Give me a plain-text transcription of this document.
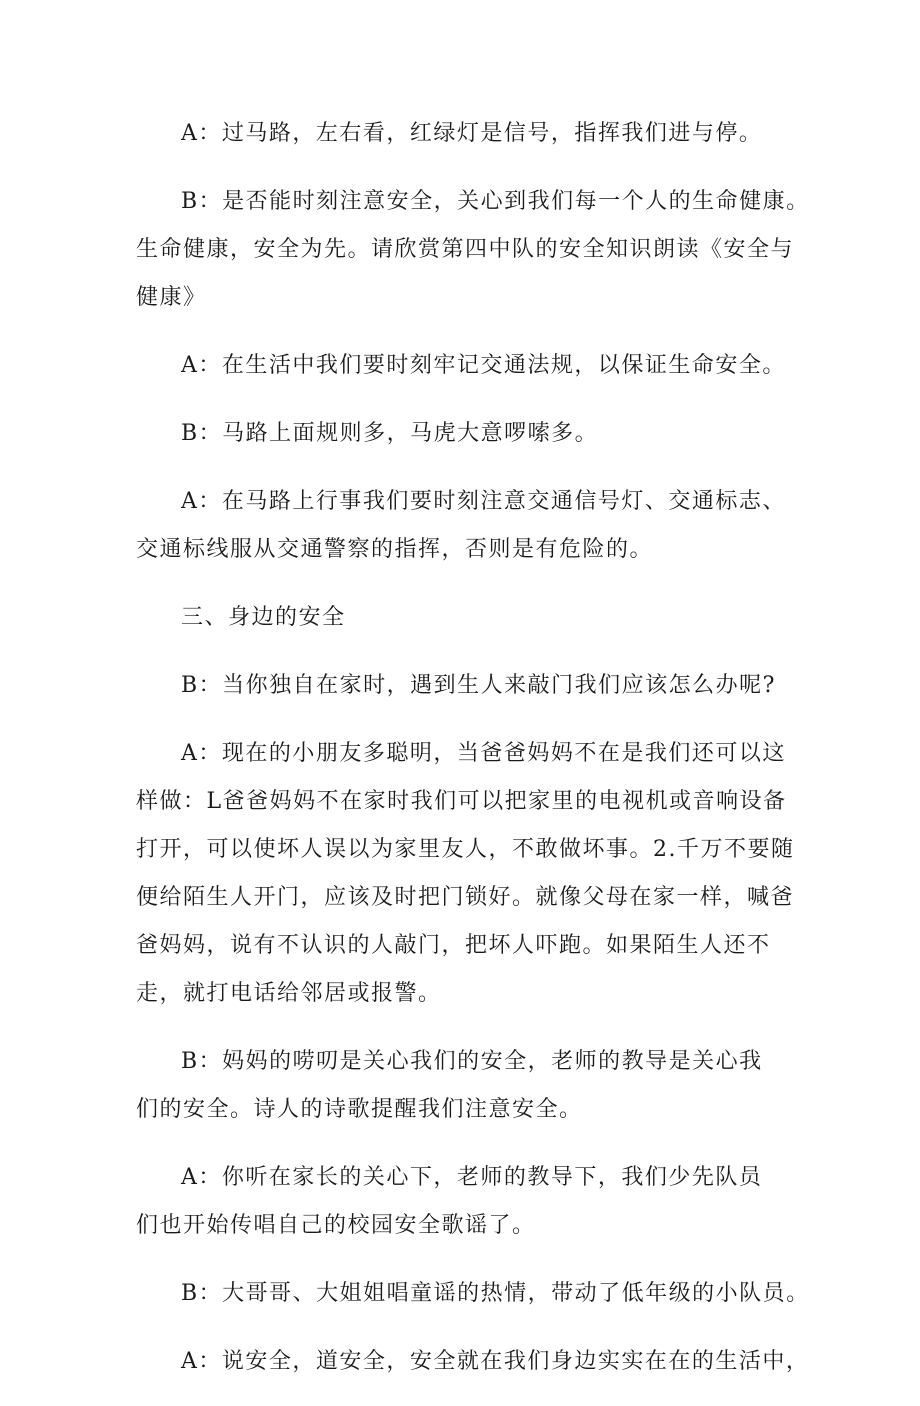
A：过马路，左右看，红绿灯是信号，指挥我们进与停。

B：是否能时刻注意安全，关心到我们每一个人的生命健康。
生命健康，安全为先。请欣赏第四中队的安全知识朗读《安全与
健康》

A：在生活中我们要时刻牢记交通法规，以保证生命安全。

B：马路上面规则多，马虎大意啰嗦多。

A：在马路上行事我们要时刻注意交通信号灯、交通标志、
交通标线服从交通警察的指挥，否则是有危险的。

三、身边的安全

B：当你独自在家时，遇到生人来敲门我们应该怎么办呢?

A：现在的小朋友多聪明，当爸爸妈妈不在是我们还可以这
样做：L爸爸妈妈不在家时我们可以把家里的电视机或音响设备
打开，可以使坏人误以为家里友人，不敢做坏事。2.千万不要随
便给陌生人开门，应该及时把门锁好。就像父母在家一样，喊爸
爸妈妈，说有不认识的人敲门，把坏人吓跑。如果陌生人还不
走，就打电话给邻居或报警。

B：妈妈的唠叨是关心我们的安全，老师的教导是关心我
们的安全。诗人的诗歌提醒我们注意安全。

A：你听在家长的关心下，老师的教导下，我们少先队员
们也开始传唱自己的校园安全歌谣了。

B：大哥哥、大姐姐唱童谣的热情，带动了低年级的小队员。

A：说安全，道安全，安全就在我们身边实实在在的生活中，
